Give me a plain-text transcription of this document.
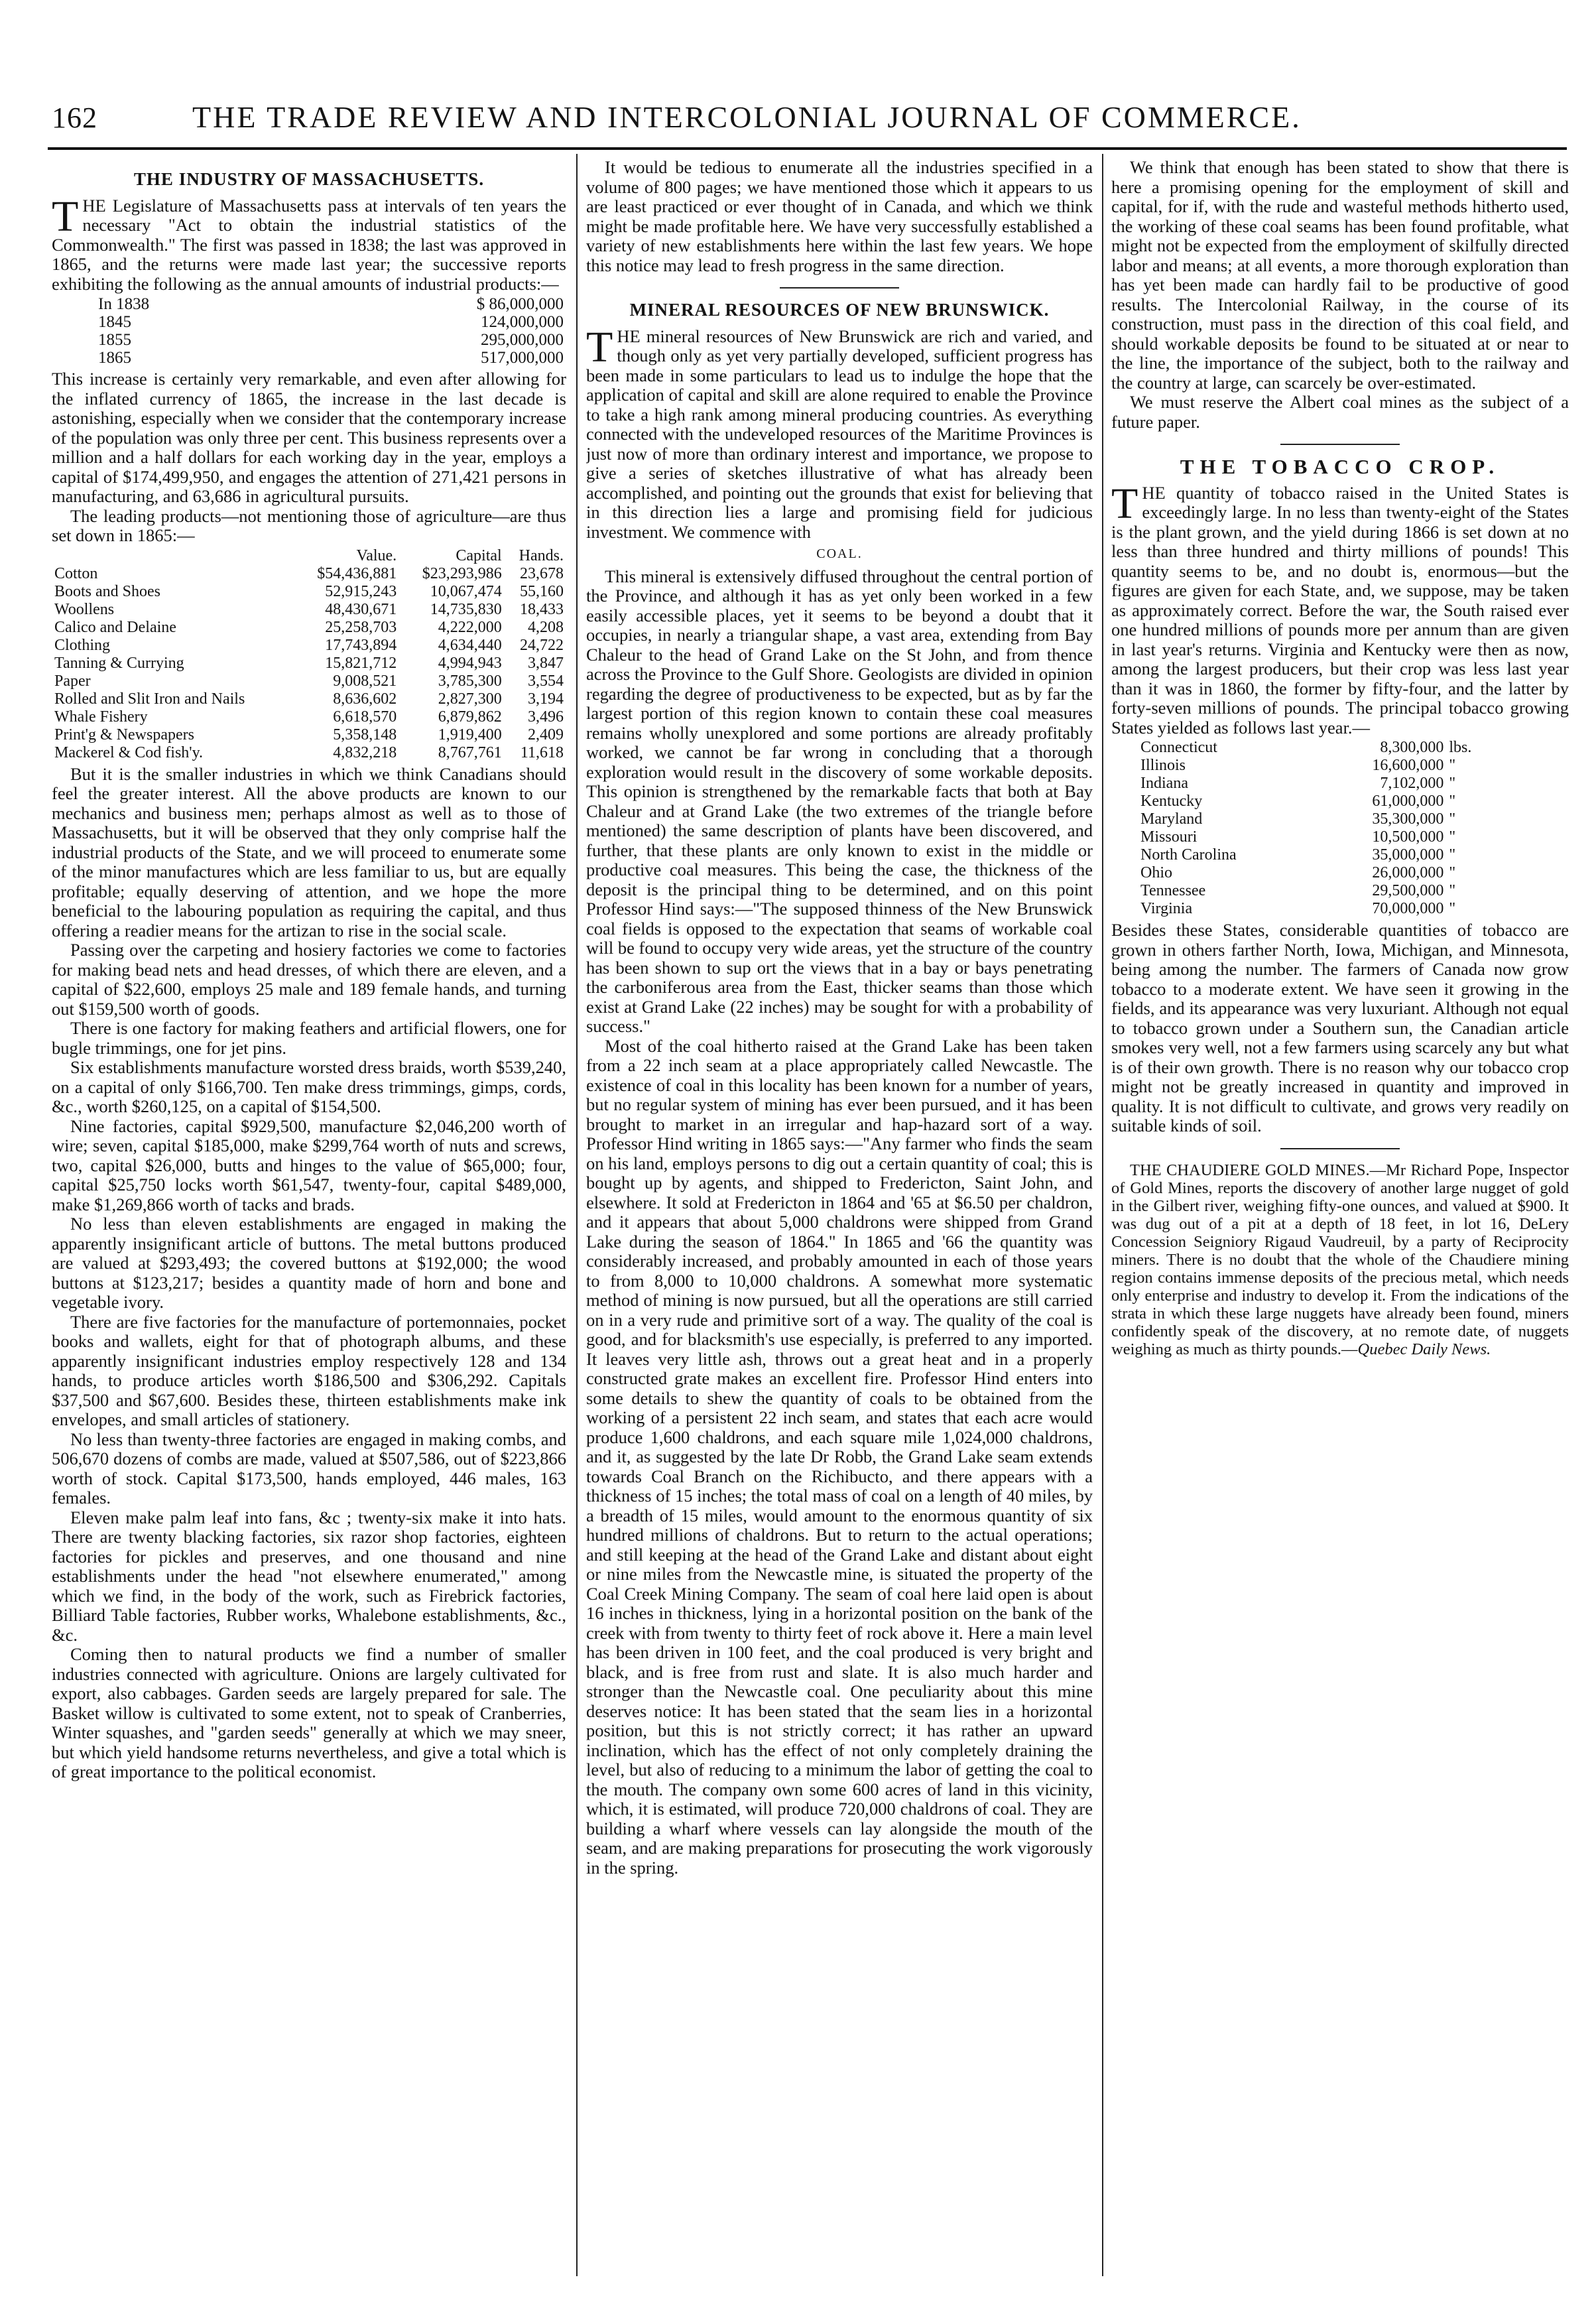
162	THE TRADE REVIEW AND INTERCOLONIAL JOURNAL OF COMMERCE.
THE INDUSTRY OF MASSACHUSETTS.

THE Legislature of Massachusetts pass at intervals of ten years the necessary "Act to obtain the industrial statistics of the Commonwealth." The first was passed in 1838; the last was approved in 1865, and the returns were made last year; the successive reports exhibiting the following as the annual amounts of industrial products:—

In 1838	$ 86,000,000
1845	124,000,000
1855	295,000,000
1865	517,000,000

This increase is certainly very remarkable, and even after allowing for the inflated currency of 1865, the increase in the last decade is astonishing, especially when we consider that the contemporary increase of the population was only three per cent. This business represents over a million and a half dollars for each working day in the year, employs a capital of $174,499,950, and engages the attention of 271,421 persons in manufacturing, and 63,686 in agricultural pursuits.

The leading products—not mentioning those of agriculture—are thus set down in 1865:—

	Value.	Capital	Hands.
Cotton	$54,436,881	$23,293,986	23,678
Boots and Shoes	52,915,243	10,067,474	55,160
Woollens	48,430,671	14,735,830	18,433
Calico and Delaine	25,258,703	4,222,000	4,208
Clothing	17,743,894	4,634,440	24,722
Tanning & Currying	15,821,712	4,994,943	3,847
Paper	9,008,521	3,785,300	3,554
Rolled and Slit Iron and Nails	8,636,602	2,827,300	3,194
Whale Fishery	6,618,570	6,879,862	3,496
Print'g & Newspapers	5,358,148	1,919,400	2,409
Mackerel & Cod fish'y.	4,832,218	8,767,761	11,618

But it is the smaller industries in which we think Canadians should feel the greater interest. All the above products are known to our mechanics and business men; perhaps almost as well as to those of Massachusetts, but it will be observed that they only comprise half the industrial products of the State, and we will proceed to enumerate some of the minor manufactures which are less familiar to us, but are equally profitable; equally deserving of attention, and we hope the more beneficial to the labouring population as requiring the capital, and thus offering a readier means for the artizan to rise in the social scale.

Passing over the carpeting and hosiery factories we come to factories for making bead nets and head dresses, of which there are eleven, and a capital of $22,600, employs 25 male and 189 female hands, and turning out $159,500 worth of goods.

There is one factory for making feathers and artificial flowers, one for bugle trimmings, one for jet pins.

Six establishments manufacture worsted dress braids, worth $539,240, on a capital of only $166,700. Ten make dress trimmings, gimps, cords, &c., worth $260,125, on a capital of $154,500.

Nine factories, capital $929,500, manufacture $2,046,200 worth of wire; seven, capital $185,000, make $299,764 worth of nuts and screws, two, capital $26,000, butts and hinges to the value of $65,000; four, capital $25,750 locks worth $61,547, twenty-four, capital $489,000, make $1,269,866 worth of tacks and brads.

No less than eleven establishments are engaged in making the apparently insignificant article of buttons. The metal buttons produced are valued at $293,493; the covered buttons at $192,000; the wood buttons at $123,217; besides a quantity made of horn and bone and vegetable ivory.

There are five factories for the manufacture of portemonnaies, pocket books and wallets, eight for that of photograph albums, and these apparently insignificant industries employ respectively 128 and 134 hands, to produce articles worth $186,500 and $306,292. Capitals $37,500 and $67,600. Besides these, thirteen establishments make ink envelopes, and small articles of stationery.

No less than twenty-three factories are engaged in making combs, and 506,670 dozens of combs are made, valued at $507,586, out of $223,866 worth of stock. Capital $173,500, hands employed, 446 males, 163 females.

Eleven make palm leaf into fans, &c ; twenty-six make it into hats. There are twenty blacking factories, six razor shop factories, eighteen factories for pickles and preserves, and one thousand and nine establishments under the head "not elsewhere enumerated," among which we find, in the body of the work, such as Firebrick factories, Billiard Table factories, Rubber works, Whalebone establishments, &c., &c.

Coming then to natural products we find a number of smaller industries connected with agriculture. Onions are largely cultivated for export, also cabbages. Garden seeds are largely prepared for sale. The Basket willow is cultivated to some extent, not to speak of Cranberries, Winter squashes, and "garden seeds" generally at which we may sneer, but which yield handsome returns nevertheless, and give a total which is of great importance to the political economist.

It would be tedious to enumerate all the industries specified in a volume of 800 pages; we have mentioned those which it appears to us are least practiced or ever thought of in Canada, and which we think might be made profitable here. We have very successfully established a variety of new establishments here within the last few years. We hope this notice may lead to fresh progress in the same direction.

MINERAL RESOURCES OF NEW BRUNSWICK.

THE mineral resources of New Brunswick are rich and varied, and though only as yet very partially developed, sufficient progress has been made in some particulars to lead us to indulge the hope that the application of capital and skill are alone required to enable the Province to take a high rank among mineral producing countries. As everything connected with the undeveloped resources of the Maritime Provinces is just now of more than ordinary interest and importance, we propose to give a series of sketches illustrative of what has already been accomplished, and pointing out the grounds that exist for believing that in this direction lies a large and promising field for judicious investment. We commence with

COAL.

This mineral is extensively diffused throughout the central portion of the Province, and although it has as yet only been worked in a few easily accessible places, yet it seems to be beyond a doubt that it occupies, in nearly a triangular shape, a vast area, extending from Bay Chaleur to the head of Grand Lake on the St John, and from thence across the Province to the Gulf Shore. Geologists are divided in opinion regarding the degree of productiveness to be expected, but as by far the largest portion of this region known to contain these coal measures remains wholly unexplored and some portions are already profitably worked, we cannot be far wrong in concluding that a thorough exploration would result in the discovery of some workable deposits. This opinion is strengthened by the remarkable facts that both at Bay Chaleur and at Grand Lake (the two extremes of the triangle before mentioned) the same description of plants have been discovered, and further, that these plants are only known to exist in the middle or productive coal measures. This being the case, the thickness of the deposit is the principal thing to be determined, and on this point Professor Hind says:—"The supposed thinness of the New Brunswick coal fields is opposed to the expectation that seams of workable coal will be found to occupy very wide areas, yet the structure of the country has been shown to sup ort the views that in a bay or bays penetrating the carboniferous area from the East, thicker seams than those which exist at Grand Lake (22 inches) may be sought for with a probability of success."

Most of the coal hitherto raised at the Grand Lake has been taken from a 22 inch seam at a place appropriately called Newcastle. The existence of coal in this locality has been known for a number of years, but no regular system of mining has ever been pursued, and it has been brought to market in an irregular and hap-hazard sort of a way. Professor Hind writing in 1865 says:—"Any farmer who finds the seam on his land, employs persons to dig out a certain quantity of coal; this is bought up by agents, and shipped to Fredericton, Saint John, and elsewhere. It sold at Fredericton in 1864 and '65 at $6.50 per chaldron, and it appears that about 5,000 chaldrons were shipped from Grand Lake during the season of 1864." In 1865 and '66 the quantity was considerably increased, and probably amounted in each of those years to from 8,000 to 10,000 chaldrons. A somewhat more systematic method of mining is now pursued, but all the operations are still carried on in a very rude and primitive sort of a way. The quality of the coal is good, and for blacksmith's use especially, is preferred to any imported. It leaves very little ash, throws out a great heat and in a properly constructed grate makes an excellent fire. Professor Hind enters into some details to shew the quantity of coals to be obtained from the working of a persistent 22 inch seam, and states that each acre would produce 1,600 chaldrons, and each square mile 1,024,000 chaldrons, and it, as suggested by the late Dr Robb, the Grand Lake seam extends towards Coal Branch on the Richibucto, and there appears with a thickness of 15 inches; the total mass of coal on a length of 40 miles, by a breadth of 15 miles, would amount to the enormous quantity of six hundred millions of chaldrons. But to return to the actual operations; and still keeping at the head of the Grand Lake and distant about eight or nine miles from the Newcastle mine, is situated the property of the Coal Creek Mining Company. The seam of coal here laid open is about 16 inches in thickness, lying in a horizontal position on the bank of the creek with from twenty to thirty feet of rock above it. Here a main level has been driven in 100 feet, and the coal produced is very bright and black, and is free from rust and slate. It is also much harder and stronger than the Newcastle coal. One peculiarity about this mine deserves notice: It has been stated that the seam lies in a horizontal position, but this is not strictly correct; it has rather an upward inclination, which has the effect of not only completely draining the level, but also of reducing to a minimum the labor of getting the coal to the mouth. The company own some 600 acres of land in this vicinity, which, it is estimated, will produce 720,000 chaldrons of coal. They are building a wharf where vessels can lay alongside the mouth of the seam, and are making preparations for prosecuting the work vigorously in the spring.

We think that enough has been stated to show that there is here a promising opening for the employment of skill and capital, for if, with the rude and wasteful methods hitherto used, the working of these coal seams has been found profitable, what might not be expected from the employment of skilfully directed labor and means; at all events, a more thorough exploration than has yet been made can hardly fail to be productive of good results. The Intercolonial Railway, in the course of its construction, must pass in the direction of this coal field, and should workable deposits be found to be situated at or near to the line, the importance of the subject, both to the railway and the country at large, can scarcely be over-estimated.

We must reserve the Albert coal mines as the subject of a future paper.

THE TOBACCO CROP.

THE quantity of tobacco raised in the United States is exceedingly large. In no less than twenty-eight of the States is the plant grown, and the yield during 1866 is set down at no less than three hundred and thirty millions of pounds! This quantity seems to be, and no doubt is, enormous—but the figures are given for each State, and, we suppose, may be taken as approximately correct. Before the war, the South raised ever one hundred millions of pounds more per annum than are given in last year's returns. Virginia and Kentucky were then as now, among the largest producers, but their crop was less last year than it was in 1860, the former by fifty-four, and the latter by forty-seven millions of pounds. The principal tobacco growing States yielded as follows last year.—

Connecticut	8,300,000	lbs.
Illinois	16,600,000	"
Indiana	7,102,000	"
Kentucky	61,000,000	"
Maryland	35,300,000	"
Missouri	10,500,000	"
North Carolina	35,000,000	"
Ohio	26,000,000	"
Tennessee	29,500,000	"
Virginia	70,000,000	"

Besides these States, considerable quantities of tobacco are grown in others farther North, Iowa, Michigan, and Minnesota, being among the number. The farmers of Canada now grow tobacco to a moderate extent. We have seen it growing in the fields, and its appearance was very luxuriant. Although not equal to tobacco grown under a Southern sun, the Canadian article smokes very well, not a few farmers using scarcely any but what is of their own growth. There is no reason why our tobacco crop might not be greatly increased in quantity and improved in quality. It is not difficult to cultivate, and grows very readily on suitable kinds of soil.

THE CHAUDIERE GOLD MINES.—Mr Richard Pope, Inspector of Gold Mines, reports the discovery of another large nugget of gold in the Gilbert river, weighing fifty-one ounces, and valued at $900. It was dug out of a pit at a depth of 18 feet, in lot 16, DeLery Concession Seigniory Rigaud Vaudreuil, by a party of Reciprocity miners. There is no doubt that the whole of the Chaudiere mining region contains immense deposits of the precious metal, which needs only enterprise and industry to develop it. From the indications of the strata in which these large nuggets have already been found, miners confidently speak of the discovery, at no remote date, of nuggets weighing as much as thirty pounds.—Quebec Daily News.
